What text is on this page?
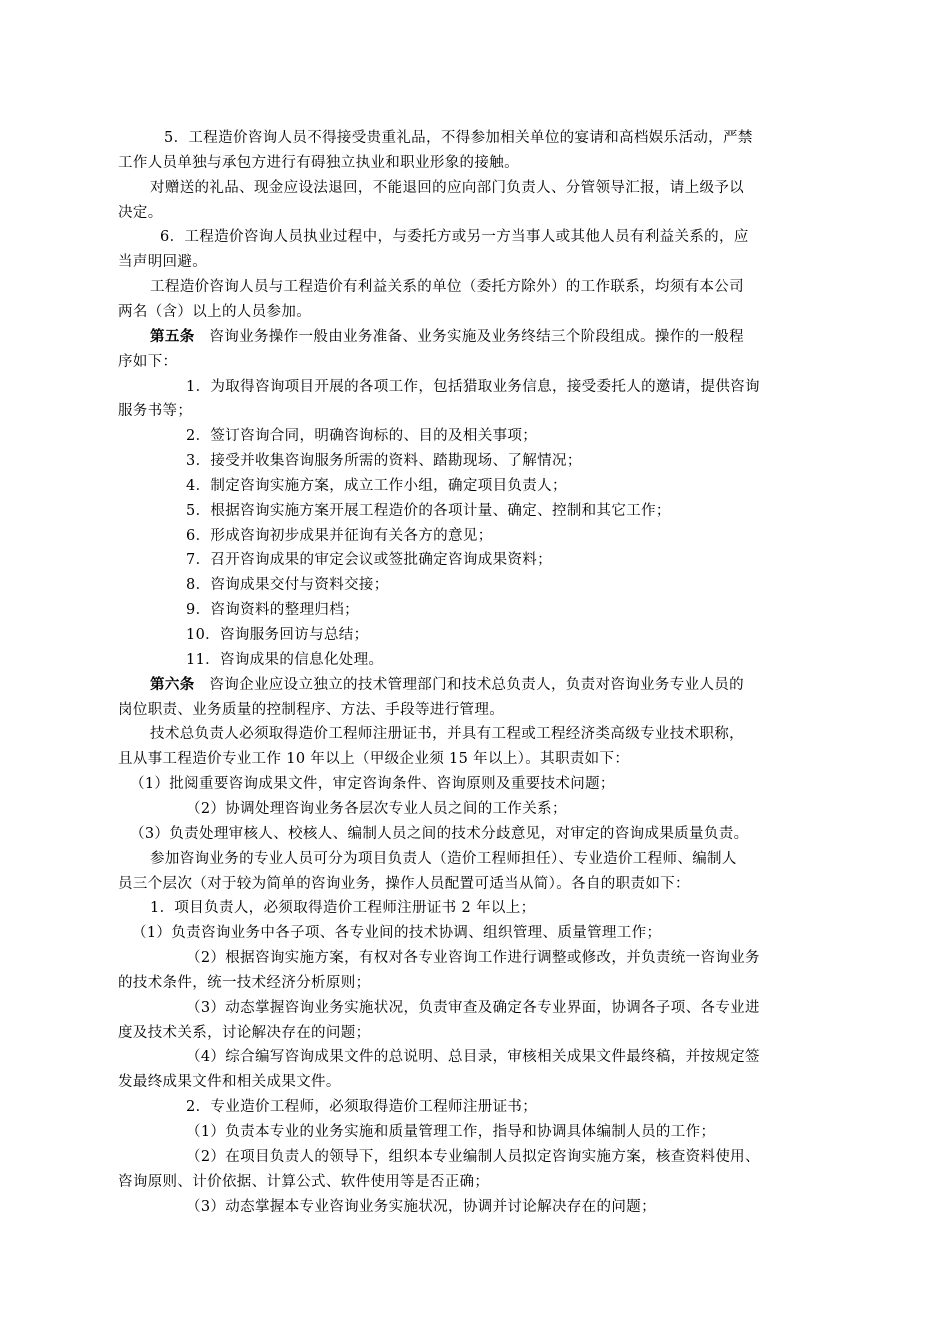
5．工程造价咨询人员不得接受贵重礼品，不得参加相关单位的宴请和高档娱乐活动，严禁
工作人员单独与承包方进行有碍独立执业和职业形象的接触。
对赠送的礼品、现金应设法退回，不能退回的应向部门负责人、分管领导汇报，请上级予以
决定。
6．工程造价咨询人员执业过程中，与委托方或另一方当事人或其他人员有利益关系的，应
当声明回避。
工程造价咨询人员与工程造价有利益关系的单位（委托方除外）的工作联系，均须有本公司
两名（含）以上的人员参加。
第五条　咨询业务操作一般由业务准备、业务实施及业务终结三个阶段组成。操作的一般程
序如下：
1．为取得咨询项目开展的各项工作，包括猎取业务信息，接受委托人的邀请，提供咨询
服务书等；
2．签订咨询合同，明确咨询标的、目的及相关事项；
3．接受并收集咨询服务所需的资料、踏勘现场、了解情况；
4．制定咨询实施方案，成立工作小组，确定项目负责人；
5．根据咨询实施方案开展工程造价的各项计量、确定、控制和其它工作；
6．形成咨询初步成果并征询有关各方的意见；
7．召开咨询成果的审定会议或签批确定咨询成果资料；
8．咨询成果交付与资料交接；
9．咨询资料的整理归档；
10．咨询服务回访与总结；
11．咨询成果的信息化处理。
第六条　咨询企业应设立独立的技术管理部门和技术总负责人，负责对咨询业务专业人员的
岗位职责、业务质量的控制程序、方法、手段等进行管理。
技术总负责人必须取得造价工程师注册证书，并具有工程或工程经济类高级专业技术职称，
且从事工程造价专业工作 10 年以上（甲级企业须 15 年以上）。其职责如下：
（1）批阅重要咨询成果文件，审定咨询条件、咨询原则及重要技术问题；
（2）协调处理咨询业务各层次专业人员之间的工作关系；
（3）负责处理审核人、校核人、编制人员之间的技术分歧意见，对审定的咨询成果质量负责。
参加咨询业务的专业人员可分为项目负责人（造价工程师担任）、专业造价工程师、编制人
员三个层次（对于较为简单的咨询业务，操作人员配置可适当从简）。各自的职责如下：
1．项目负责人，必须取得造价工程师注册证书 2 年以上；
（1）负责咨询业务中各子项、各专业间的技术协调、组织管理、质量管理工作；
（2）根据咨询实施方案，有权对各专业咨询工作进行调整或修改，并负责统一咨询业务
的技术条件，统一技术经济分析原则；
（3）动态掌握咨询业务实施状况，负责审查及确定各专业界面，协调各子项、各专业进
度及技术关系，讨论解决存在的问题；
（4）综合编写咨询成果文件的总说明、总目录，审核相关成果文件最终稿，并按规定签
发最终成果文件和相关成果文件。
2．专业造价工程师，必须取得造价工程师注册证书；
（1）负责本专业的业务实施和质量管理工作，指导和协调具体编制人员的工作；
（2）在项目负责人的领导下，组织本专业编制人员拟定咨询实施方案，核查资料使用、
咨询原则、计价依据、计算公式、软件使用等是否正确；
（3）动态掌握本专业咨询业务实施状况，协调并讨论解决存在的问题；
